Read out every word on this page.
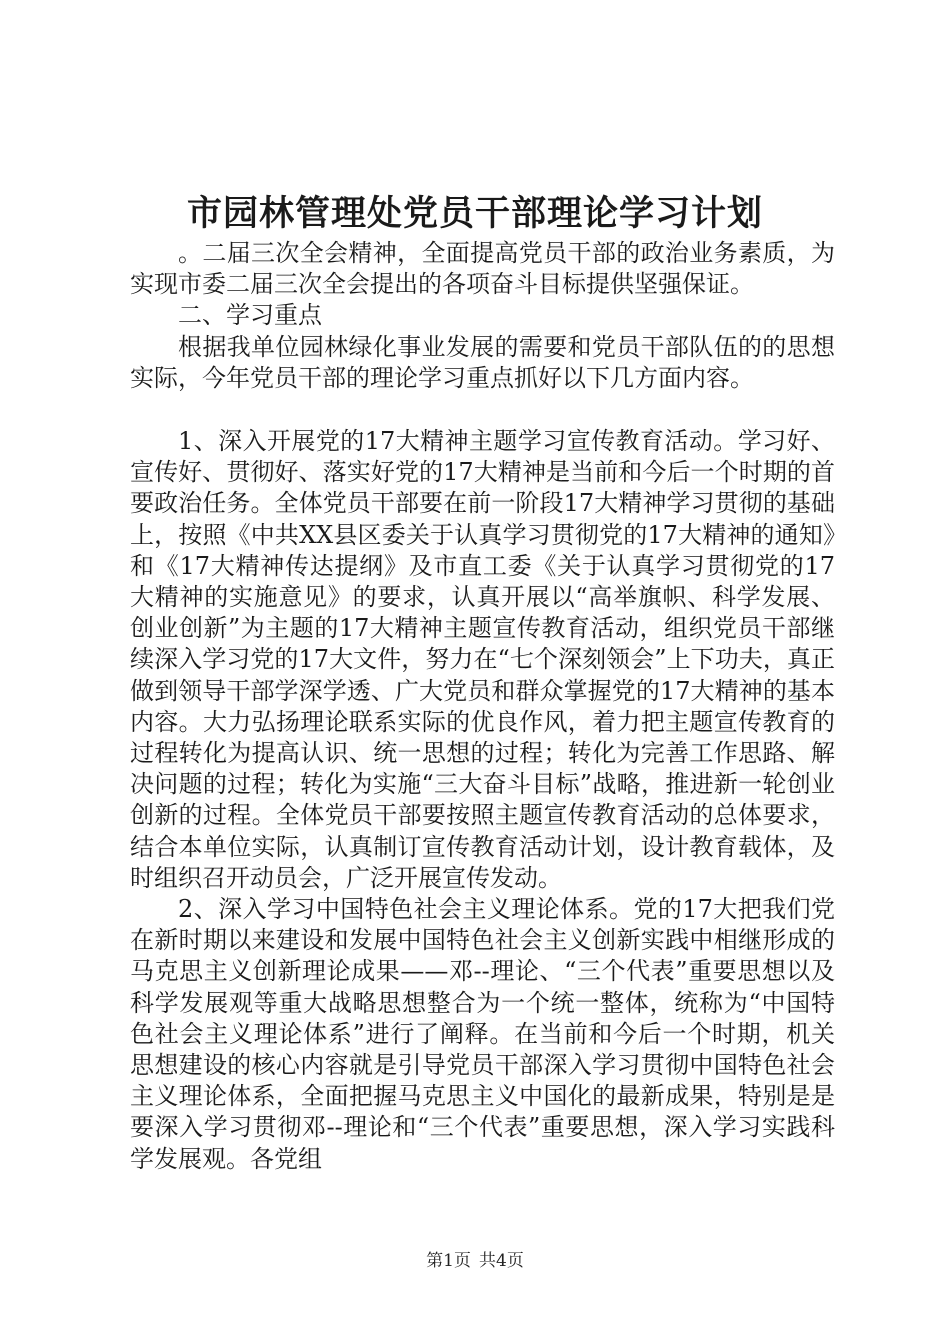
市园林管理处党员干部理论学习计划

。二届三次全会精神，全面提高党员干部的政治业务素质，为实现市委二届三次全会提出的各项奋斗目标提供坚强保证。

二、学习重点

根据我单位园林绿化事业发展的需要和党员干部队伍的的思想实际，今年党员干部的理论学习重点抓好以下几方面内容。

1、深入开展党的17大精神主题学习宣传教育活动。学习好、宣传好、贯彻好、落实好党的17大精神是当前和今后一个时期的首要政治任务。全体党员干部要在前一阶段17大精神学习贯彻的基础上，按照《中共XX县区委关于认真学习贯彻党的17大精神的通知》和《17大精神传达提纲》及市直工委《关于认真学习贯彻党的17大精神的实施意见》的要求，认真开展以“高举旗帜、科学发展、创业创新”为主题的17大精神主题宣传教育活动，组织党员干部继续深入学习党的17大文件，努力在“七个深刻领会”上下功夫，真正做到领导干部学深学透、广大党员和群众掌握党的17大精神的基本内容。大力弘扬理论联系实际的优良作风，着力把主题宣传教育的过程转化为提高认识、统一思想的过程；转化为完善工作思路、解决问题的过程；转化为实施“三大奋斗目标”战略，推进新一轮创业创新的过程。全体党员干部要按照主题宣传教育活动的总体要求，结合本单位实际，认真制订宣传教育活动计划，设计教育载体，及时组织召开动员会，广泛开展宣传发动。

2、深入学习中国特色社会主义理论体系。党的17大把我们党在新时期以来建设和发展中国特色社会主义创新实践中相继形成的马克思主义创新理论成果——邓--理论、“三个代表”重要思想以及科学发展观等重大战略思想整合为一个统一整体，统称为“中国特色社会主义理论体系”进行了阐释。在当前和今后一个时期，机关思想建设的核心内容就是引导党员干部深入学习贯彻中国特色社会主义理论体系，全面把握马克思主义中国化的最新成果，特别是是要深入学习贯彻邓--理论和“三个代表”重要思想，深入学习实践科学发展观。各党组

第1页 共4页
